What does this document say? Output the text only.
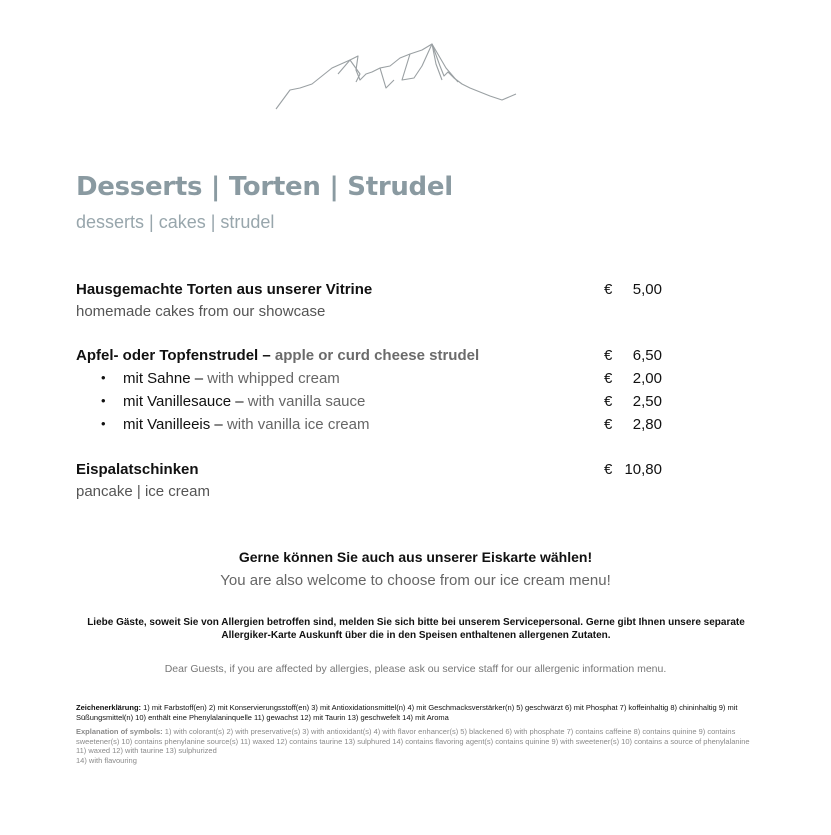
Desserts | Torten | Strudel
desserts | cakes | strudel
Hausgemachte Torten aus unserer Vitrine	€ 5,00
homemade cakes from our showcase
Apfel- oder Topfenstrudel – apple or curd cheese strudel	€ 6,50
• mit Sahne – with whipped cream	€ 2,00
• mit Vanillesauce – with vanilla sauce	€ 2,50
• mit Vanilleeis – with vanilla ice cream	€ 2,80
Eispalatschinken	€ 10,80
pancake | ice cream
Gerne können Sie auch aus unserer Eiskarte wählen!
You are also welcome to choose from our ice cream menu!
Liebe Gäste, soweit Sie von Allergien betroffen sind, melden Sie sich bitte bei unserem Servicepersonal. Gerne gibt Ihnen unsere separate Allergiker-Karte Auskunft über die in den Speisen enthaltenen allergenen Zutaten.
Dear Guests, if you are affected by allergies, please ask ou service staff for our allergenic information menu.
Zeichenerklärung: 1) mit Farbstoff(en) 2) mit Konservierungsstoff(en) 3) mit Antioxidationsmittel(n) 4) mit Geschmacksverstärker(n) 5) geschwärzt 6) mit Phosphat 7) koffeinhaltig 8) chininhaltig 9) mit Süßungsmittel(n) 10) enthält eine Phenylalaninquelle 11) gewachst 12) mit Taurin 13) geschwefelt 14) mit Aroma
Explanation of symbols: 1) with colorant(s) 2) with preservative(s) 3) with antioxidant(s) 4) with flavor enhancer(s) 5) blackened 6) with phosphate 7) contains caffeine 8) contains quinine 9) contains sweetener(s) 10) contains phenylanine source(s) 11) waxed 12) contains taurine 13) sulphured 14) contains flavoring agent(s) contains quinine 9) with sweetener(s) 10) contains a source of phenylalanine 11) waxed 12) with taurine 13) sulphurized
14) with flavouring
